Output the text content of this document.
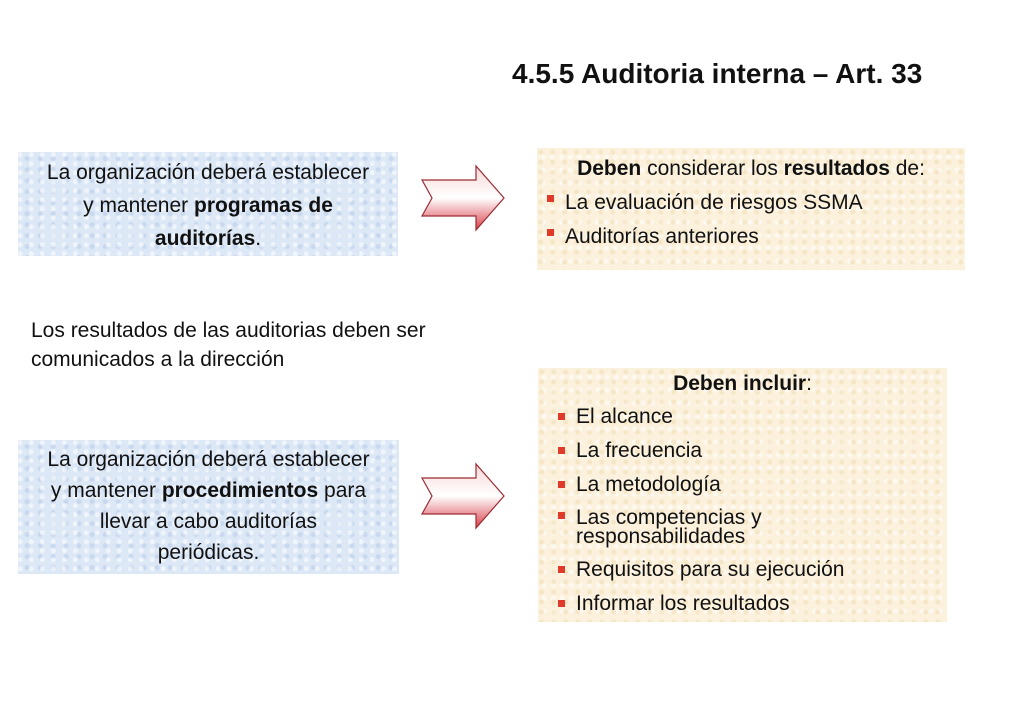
4.5.5 Auditoria interna – Art. 33
La organización deberá establecer
y mantener programas de
auditorías.
Deben considerar los resultados de:
La evaluación de riesgos SSMA
Auditorías anteriores
Los resultados de las auditorias deben ser
comunicados a la dirección
La organización deberá establecer
y mantener procedimientos para
llevar a cabo auditorías
periódicas.
Deben incluir:
El alcance
La frecuencia
La metodología
Las competencias y responsabilidades
Requisitos para su ejecución
Informar los resultados
